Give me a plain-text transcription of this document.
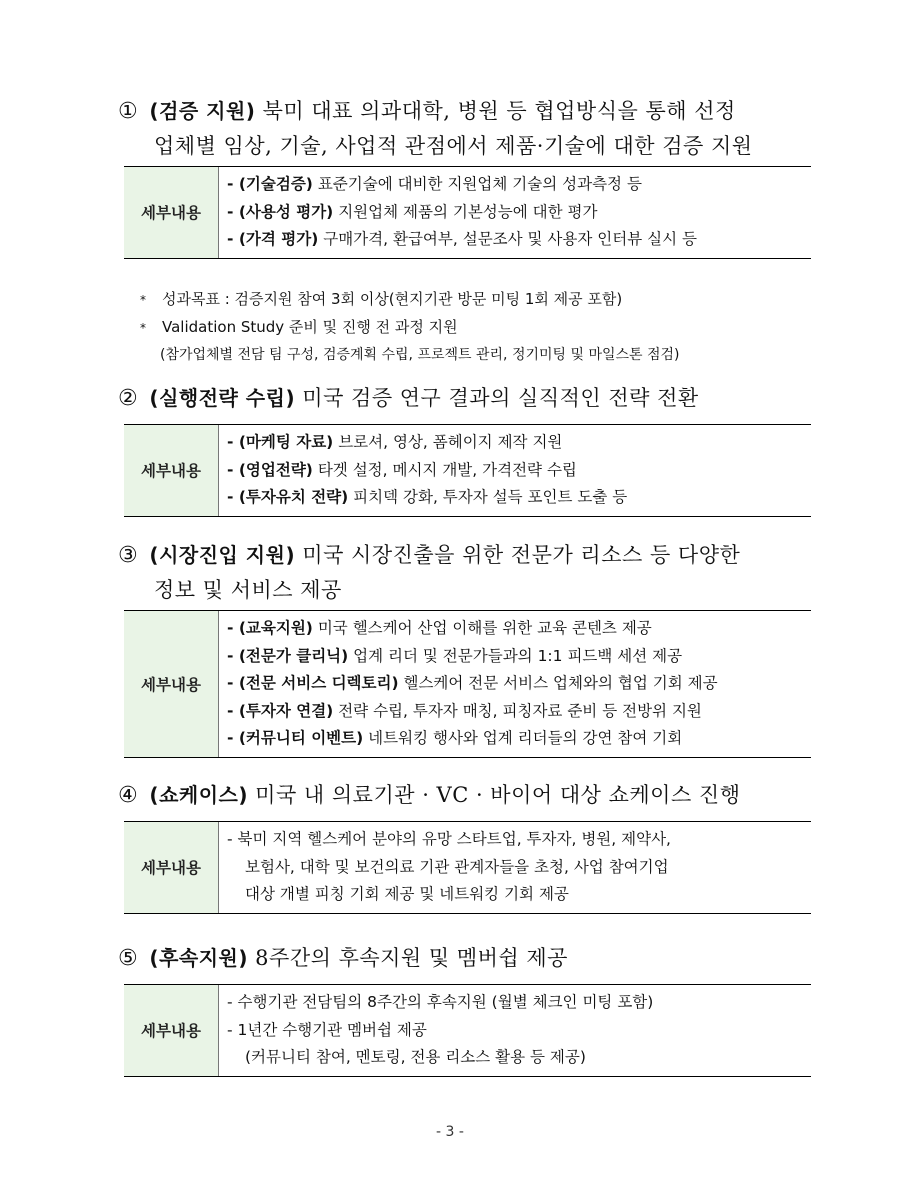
① (검증 지원) 북미 대표 의과대학, 병원 등 협업방식을 통해 선정
업체별 임상, 기술, 사업적 관점에서 제품·기술에 대한 검증 지원
세부내용
- (기술검증) 표준기술에 대비한 지원업체 기술의 성과측정 등
- (사용성 평가) 지원업체 제품의 기본성능에 대한 평가
- (가격 평가) 구매가격, 환급여부, 설문조사 및 사용자 인터뷰 실시 등
* 성과목표 : 검증지원 참여 3회 이상(현지기관 방문 미팅 1회 제공 포함)
* Validation Study 준비 및 진행 전 과정 지원
(참가업체별 전담 팀 구성, 검증계획 수립, 프로젝트 관리, 정기미팅 및 마일스톤 점검)
② (실행전략 수립) 미국 검증 연구 결과의 실직적인 전략 전환
세부내용
- (마케팅 자료) 브로셔, 영상, 폼헤이지 제작 지원
- (영업전략) 타겟 설정, 메시지 개발, 가격전략 수립
- (투자유치 전략) 피치덱 강화, 투자자 설득 포인트 도출 등
③ (시장진입 지원) 미국 시장진출을 위한 전문가 리소스 등 다양한
정보 및 서비스 제공
세부내용
- (교육지원) 미국 헬스케어 산업 이해를 위한 교육 콘텐츠 제공
- (전문가 클리닉) 업계 리더 및 전문가들과의 1:1 피드백 세션 제공
- (전문 서비스 디렉토리) 헬스케어 전문 서비스 업체와의 협업 기회 제공
- (투자자 연결) 전략 수립, 투자자 매칭, 피칭자료 준비 등 전방위 지원
- (커뮤니티 이벤트) 네트워킹 행사와 업계 리더들의 강연 참여 기회
④ (쇼케이스) 미국 내 의료기관 · VC · 바이어 대상 쇼케이스 진행
세부내용
- 북미 지역 헬스케어 분야의 유망 스타트업, 투자자, 병원, 제약사,
보험사, 대학 및 보건의료 기관 관계자들을 초청, 사업 참여기업
대상 개별 피칭 기회 제공 및 네트워킹 기회 제공
⑤ (후속지원) 8주간의 후속지원 및 멤버쉽 제공
세부내용
- 수행기관 전담팀의 8주간의 후속지원 (월별 체크인 미팅 포함)
- 1년간 수행기관 멤버쉽 제공
(커뮤니티 참여, 멘토링, 전용 리소스 활용 등 제공)
- 3 -
